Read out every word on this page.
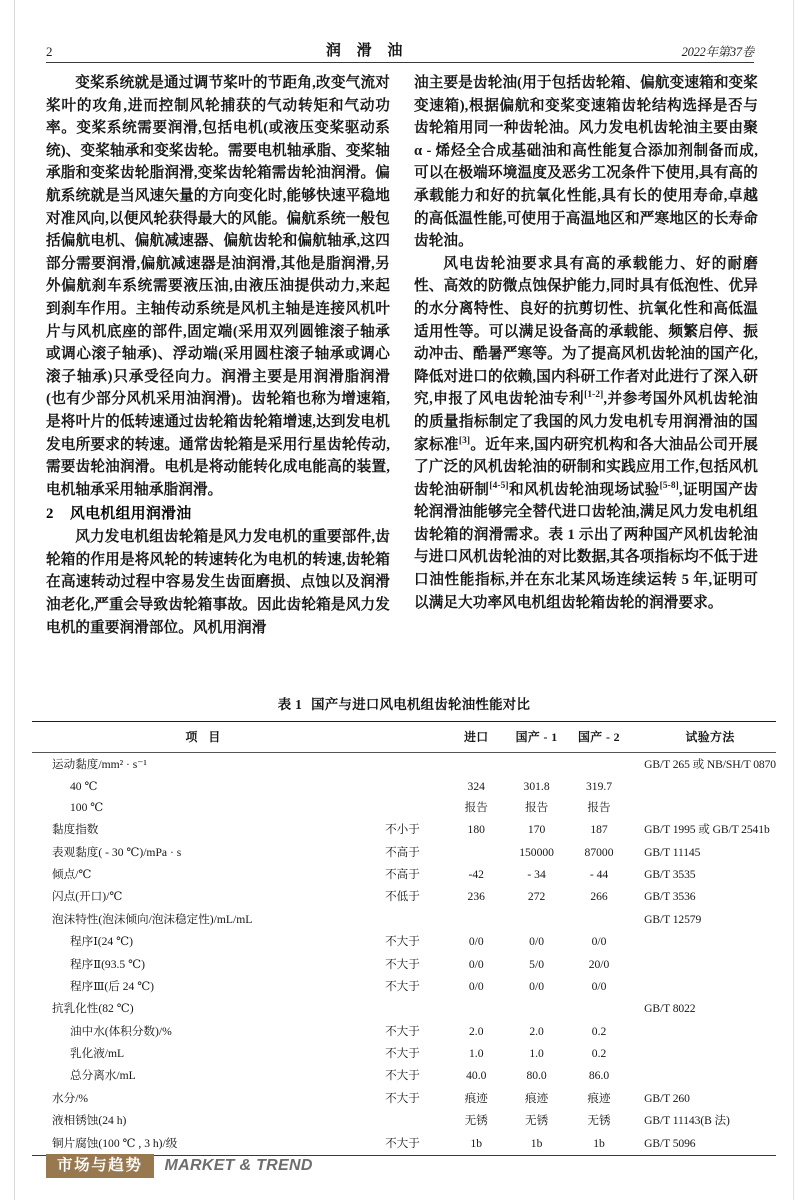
2	润 滑 油	2022年第37卷

变桨系统就是通过调节桨叶的节距角,改变气流对桨叶的攻角,进而控制风轮捕获的气动转矩和气动功率。变桨系统需要润滑,包括电机(或液压变桨驱动系统)、变桨轴承和变桨齿轮。需要电机轴承脂、变桨轴承脂和变桨齿轮脂润滑,变桨齿轮箱需齿轮油润滑。偏航系统就是当风速矢量的方向变化时,能够快速平稳地对准风向,以便风轮获得最大的风能。偏航系统一般包括偏航电机、偏航减速器、偏航齿轮和偏航轴承,这四部分需要润滑,偏航减速器是油润滑,其他是脂润滑,另外偏航刹车系统需要液压油,由液压油提供动力,来起到刹车作用。主轴传动系统是风机主轴是连接风机叶片与风机底座的部件,固定端(采用双列圆锥滚子轴承或调心滚子轴承)、浮动端(采用圆柱滚子轴承或调心滚子轴承)只承受径向力。润滑主要是用润滑脂润滑(也有少部分风机采用油润滑)。齿轮箱也称为增速箱,是将叶片的低转速通过齿轮箱齿轮箱增速,达到发电机发电所要求的转速。通常齿轮箱是采用行星齿轮传动,需要齿轮油润滑。电机是将动能转化成电能高的装置,电机轴承采用轴承脂润滑。

2 风电机组用润滑油

风力发电机组齿轮箱是风力发电机的重要部件,齿轮箱的作用是将风轮的转速转化为电机的转速,齿轮箱在高速转动过程中容易发生齿面磨损、点蚀以及润滑油老化,严重会导致齿轮箱事故。因此齿轮箱是风力发电机的重要润滑部位。风机用润滑

油主要是齿轮油(用于包括齿轮箱、偏航变速箱和变桨变速箱),根据偏航和变桨变速箱齿轮结构选择是否与齿轮箱用同一种齿轮油。风力发电机齿轮油主要由聚 α - 烯烃全合成基础油和高性能复合添加剂制备而成,可以在极端环境温度及恶劣工况条件下使用,具有高的承载能力和好的抗氧化性能,具有长的使用寿命,卓越的高低温性能,可使用于高温地区和严寒地区的长寿命齿轮油。

风电齿轮油要求具有高的承载能力、好的耐磨性、高效的防微点蚀保护能力,同时具有低泡性、优异的水分离特性、良好的抗剪切性、抗氧化性和高低温适用性等。可以满足设备高的承载能、频繁启停、振动冲击、酷暑严寒等。为了提高风机齿轮油的国产化,降低对进口的依赖,国内科研工作者对此进行了深入研究,申报了风电齿轮油专利[1-2],并参考国外风机齿轮油的质量指标制定了我国的风力发电机专用润滑油的国家标准[3]。近年来,国内研究机构和各大油品公司开展了广泛的风机齿轮油的研制和实践应用工作,包括风机齿轮油研制[4-5]和风机齿轮油现场试验[5-8],证明国产齿轮润滑油能够完全替代进口齿轮油,满足风力发电机组齿轮箱的润滑需求。表 1 示出了两种国产风机齿轮油与进口风机齿轮油的对比数据,其各项指标均不低于进口油性能指标,并在东北某风场连续运转 5 年,证明可以满足大功率风电机组齿轮箱齿轮的润滑要求。

表 1 国产与进口风电机组齿轮油性能对比
项 目		进口	国产 - 1	国产 - 2	试验方法
运动黏度/mm² · s⁻¹					GB/T 265 或 NB/SH/T 0870
40 ℃		324	301.8	319.7	
100 ℃		报告	报告	报告	
黏度指数	不小于	180	170	187	GB/T 1995 或 GB/T 2541b
表观黏度( - 30 ℃)/mPa · s	不高于		150000	87000	GB/T 11145
倾点/℃	不高于	-42	- 34	- 44	GB/T 3535
闪点(开口)/℃	不低于	236	272	266	GB/T 3536
泡沫特性(泡沫倾向/泡沫稳定性)/mL/mL					GB/T 12579
程序Ⅰ(24 ℃)	不大于	0/0	0/0	0/0	
程序Ⅱ(93.5 ℃)	不大于	0/0	5/0	20/0	
程序Ⅲ(后 24 ℃)	不大于	0/0	0/0	0/0	
抗乳化性(82 ℃)					GB/T 8022
油中水(体积分数)/%	不大于	2.0	2.0	0.2	
乳化液/mL	不大于	1.0	1.0	0.2	
总分离水/mL	不大于	40.0	80.0	86.0	
水分/%	不大于	痕迹	痕迹	痕迹	GB/T 260
液相锈蚀(24 h)		无锈	无锈	无锈	GB/T 11143(B 法)
铜片腐蚀(100 ℃ , 3 h)/级	不大于	1b	1b	1b	GB/T 5096
市场与趋势	MARKET & TREND
